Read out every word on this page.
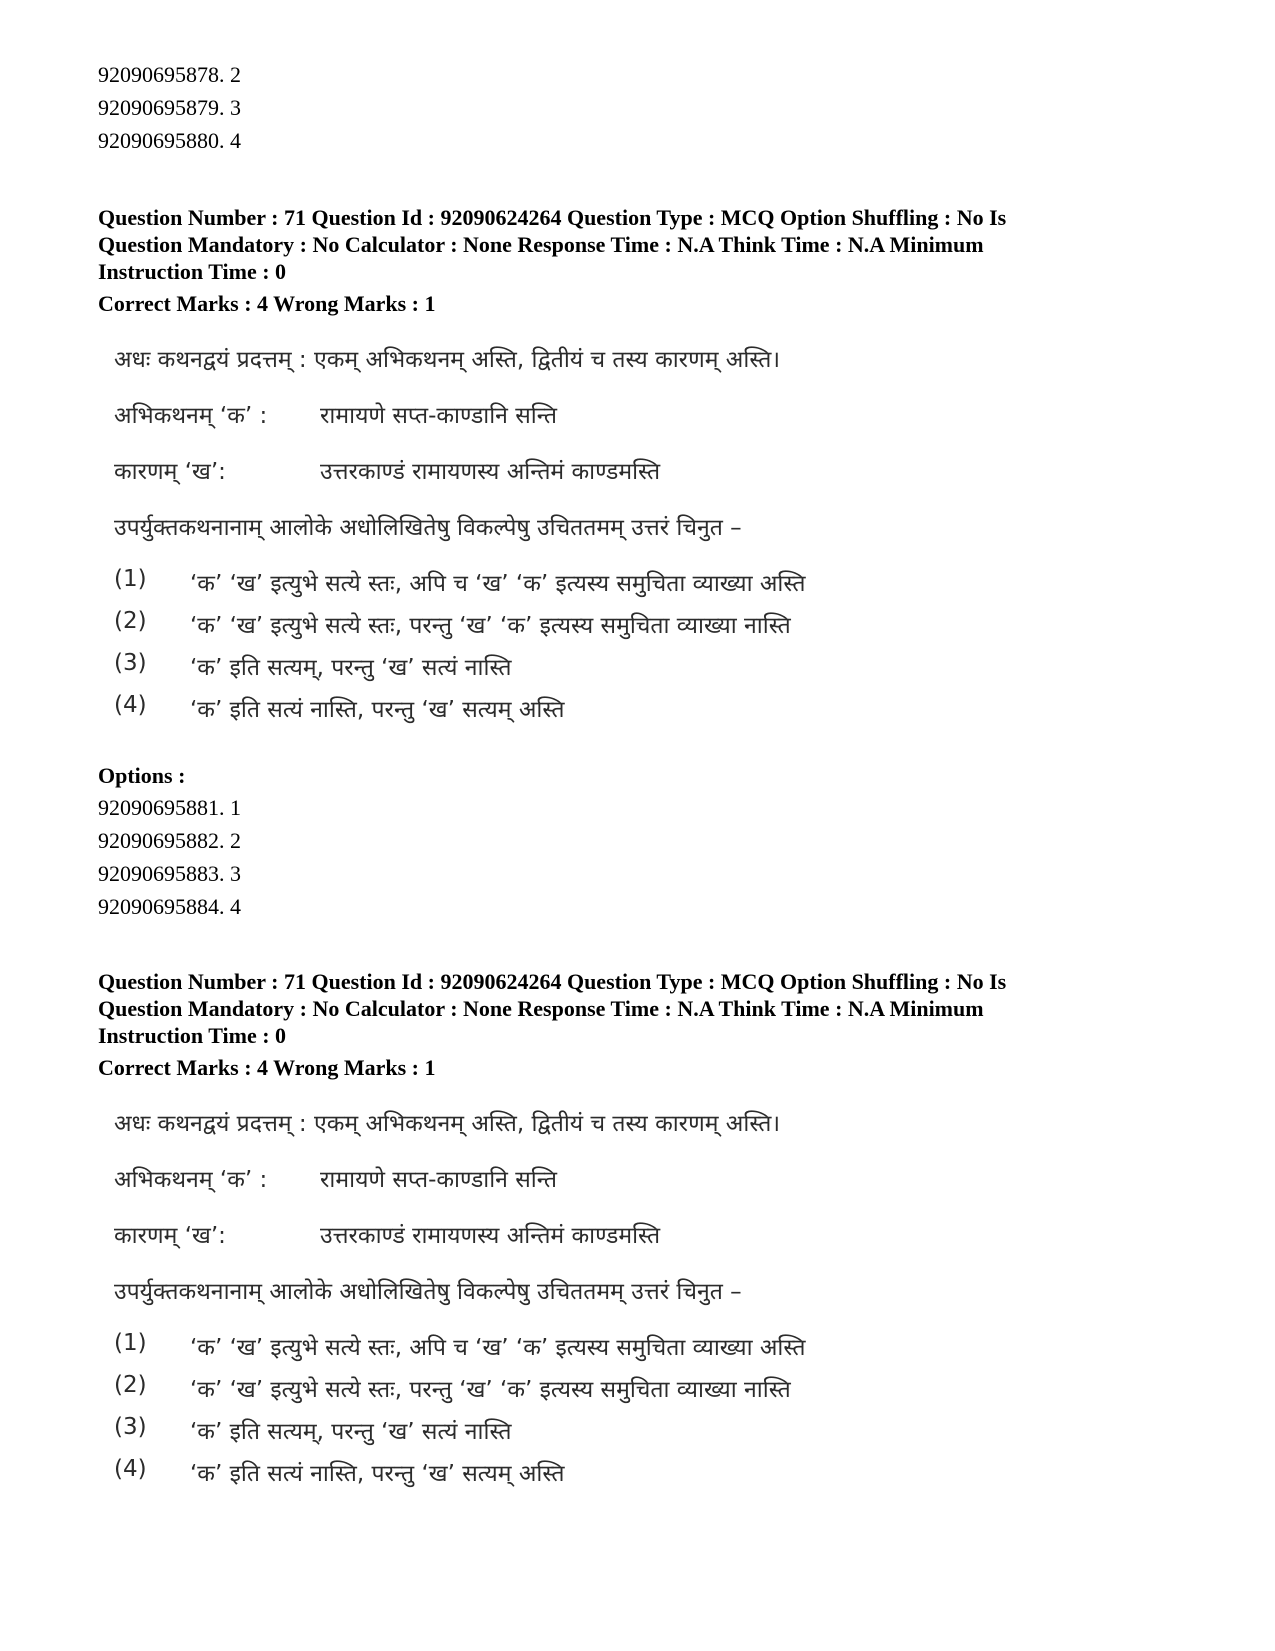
92090695878. 2
92090695879. 3
92090695880. 4
Question Number : 71 Question Id : 92090624264 Question Type : MCQ Option Shuffling : No Is
Question Mandatory : No Calculator : None Response Time : N.A Think Time : N.A Minimum
Instruction Time : 0
Correct Marks : 4 Wrong Marks : 1
अधः कथनद्वयं प्रदत्तम् : एकम् अभिकथनम् अस्ति, द्वितीयं च तस्य कारणम् अस्ति।
अभिकथनम् ‘क’ : रामायणे सप्त-काण्डानि सन्ति
कारणम् ‘ख’:	उत्तरकाण्डं रामायणस्य अन्तिमं काण्डमस्ति
उपर्युक्तकथनानाम् आलोके अधोलिखितेषु विकल्पेषु उचिततमम् उत्तरं चिनुत –
(1) ‘क’ ‘ख’ इत्युभे सत्ये स्तः, अपि च ‘ख’ ‘क’ इत्यस्य समुचिता व्याख्या अस्ति
(2) ‘क’ ‘ख’ इत्युभे सत्ये स्तः, परन्तु ‘ख’ ‘क’ इत्यस्य समुचिता व्याख्या नास्ति
(3) ‘क’ इति सत्यम्, परन्तु ‘ख’ सत्यं नास्ति
(4) ‘क’ इति सत्यं नास्ति, परन्तु ‘ख’ सत्यम् अस्ति
Options :
92090695881. 1
92090695882. 2
92090695883. 3
92090695884. 4
Question Number : 71 Question Id : 92090624264 Question Type : MCQ Option Shuffling : No Is
Question Mandatory : No Calculator : None Response Time : N.A Think Time : N.A Minimum
Instruction Time : 0
Correct Marks : 4 Wrong Marks : 1
अधः कथनद्वयं प्रदत्तम् : एकम् अभिकथनम् अस्ति, द्वितीयं च तस्य कारणम् अस्ति।
अभिकथनम् ‘क’ : रामायणे सप्त-काण्डानि सन्ति
कारणम् ‘ख’:	उत्तरकाण्डं रामायणस्य अन्तिमं काण्डमस्ति
उपर्युक्तकथनानाम् आलोके अधोलिखितेषु विकल्पेषु उचिततमम् उत्तरं चिनुत –
(1) ‘क’ ‘ख’ इत्युभे सत्ये स्तः, अपि च ‘ख’ ‘क’ इत्यस्य समुचिता व्याख्या अस्ति
(2) ‘क’ ‘ख’ इत्युभे सत्ये स्तः, परन्तु ‘ख’ ‘क’ इत्यस्य समुचिता व्याख्या नास्ति
(3) ‘क’ इति सत्यम्, परन्तु ‘ख’ सत्यं नास्ति
(4) ‘क’ इति सत्यं नास्ति, परन्तु ‘ख’ सत्यम् अस्ति
